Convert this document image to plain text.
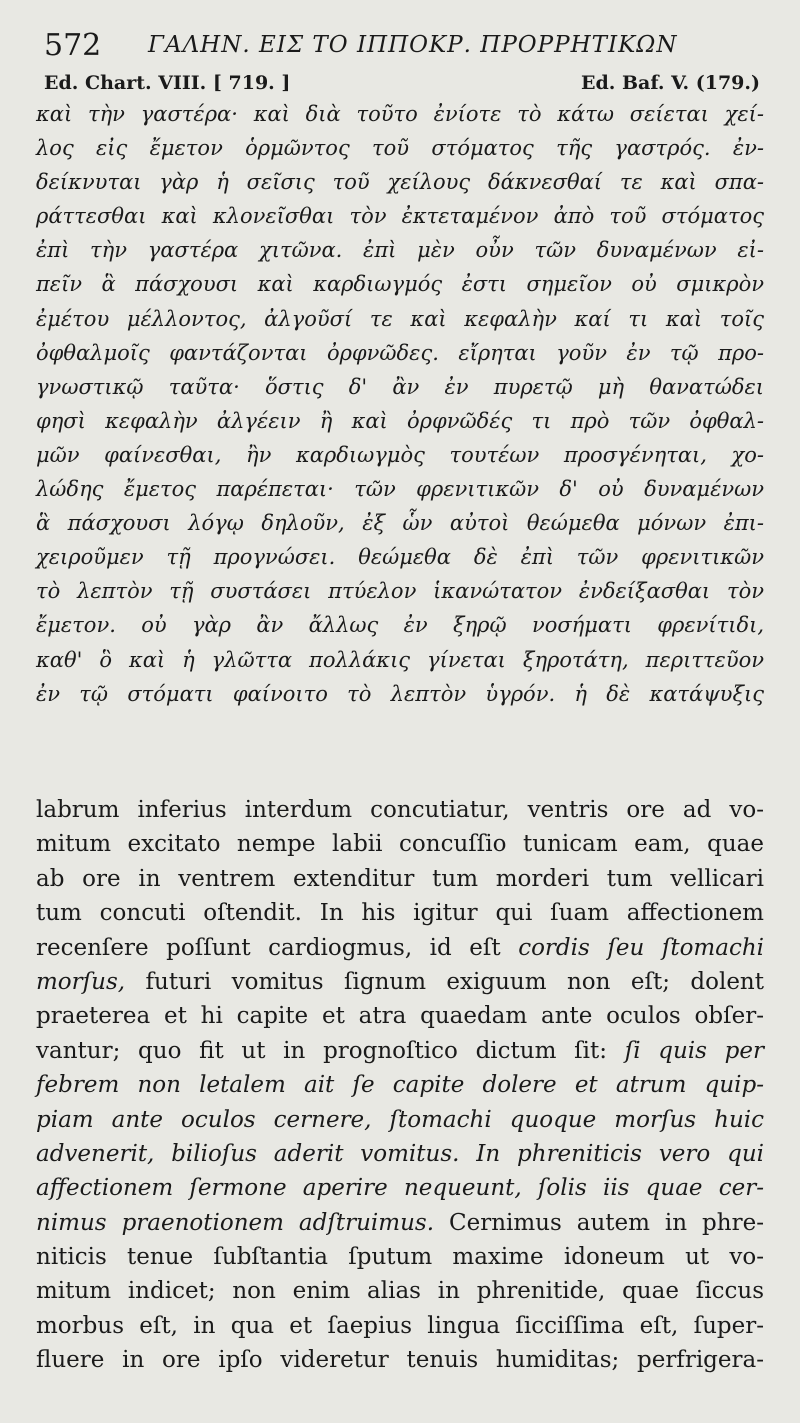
572 ΓΑΛΗΝ. ΕΙΣ ΤΟ ΙΠΠΟΚΡ. ΠΡΟΡΡΗΤΙΚΩΝ
Ed. Chart. VIII. [ 719. ]	Ed. Baf. V. (179.)
καὶ τὴν γαστέρα· καὶ διὰ τοῦτο ἐνίοτε τὸ κάτω σείεται χεί-
λος εἰς ἔμετον ὁρμῶντος τοῦ στόματος τῆς γαστρός. ἐν-
δείκνυται γὰρ ἡ σεῖσις τοῦ χείλους δάκνεσθαί τε καὶ σπα-
ράττεσθαι καὶ κλονεῖσθαι τὸν ἐκτεταμένον ἀπὸ τοῦ στόματος
ἐπὶ τὴν γαστέρα χιτῶνα. ἐπὶ μὲν οὖν τῶν δυναμένων εἰ-
πεῖν ἃ πάσχουσι καὶ καρδιωγμός ἐστι σημεῖον οὐ σμικρὸν
ἐμέτου μέλλοντος, ἀλγοῦσί τε καὶ κεφαλὴν καί τι καὶ τοῖς
ὀφθαλμοῖς φαντάζονται ὀρφνῶδες. εἴρηται γοῦν ἐν τῷ προ-
γνωστικῷ ταῦτα· ὅστις δ' ἂν ἐν πυρετῷ μὴ θανατώδει
φησὶ κεφαλὴν ἀλγέειν ἢ καὶ ὀρφνῶδές τι πρὸ τῶν ὀφθαλ-
μῶν φαίνεσθαι, ἢν καρδιωγμὸς τουτέων προσγένηται, χο-
λώδης ἔμετος παρέπεται· τῶν φρενιτικῶν δ' οὐ δυναμένων
ἃ πάσχουσι λόγῳ δηλοῦν, ἐξ ὧν αὐτοὶ θεώμεθα μόνων ἐπι-
χειροῦμεν τῇ προγνώσει. θεώμεθα δὲ ἐπὶ τῶν φρενιτικῶν
τὸ λεπτὸν τῇ συστάσει πτύελον ἱκανώτατον ἐνδείξασθαι τὸν
ἔμετον. οὐ γὰρ ἂν ἄλλως ἐν ξηρῷ νοσήματι φρενίτιδι,
καθ' ὃ καὶ ἡ γλῶττα πολλάκις γίνεται ξηροτάτη, περιττεῦον
ἐν τῷ στόματι φαίνοιτο τὸ λεπτὸν ὑγρόν. ἡ δὲ κατάψυξις
labrum inferius interdum concutiatur, ventris ore ad vo-
mitum excitato nempe labii concuſſio tunicam eam, quae
ab ore in ventrem extenditur tum morderi tum vellicari
tum concuti oſtendit. In his igitur qui ſuam affectionem
recenſere poſſunt cardiogmus, id eſt cordis ſeu ſtomachi
morſus, futuri vomitus ſignum exiguum non eſt; dolent
praeterea et hi capite et atra quaedam ante oculos obſer-
vantur; quo fit ut in prognoſtico dictum ſit: ſi quis per
febrem non letalem ait ſe capite dolere et atrum quip-
piam ante oculos cernere, ſtomachi quoque morſus huic
advenerit, bilioſus aderit vomitus. In phreniticis vero qui
affectionem ſermone aperire nequeunt, ſolis iis quae cer-
nimus praenotionem adſtruimus. Cernimus autem in phre-
niticis tenue ſubſtantia ſputum maxime idoneum ut vo-
mitum indicet; non enim alias in phrenitide, quae ſiccus
morbus eſt, in qua et ſaepius lingua ſicciſſima eſt, ſuper-
fluere in ore ipſo videretur tenuis humiditas; perfrigera-
